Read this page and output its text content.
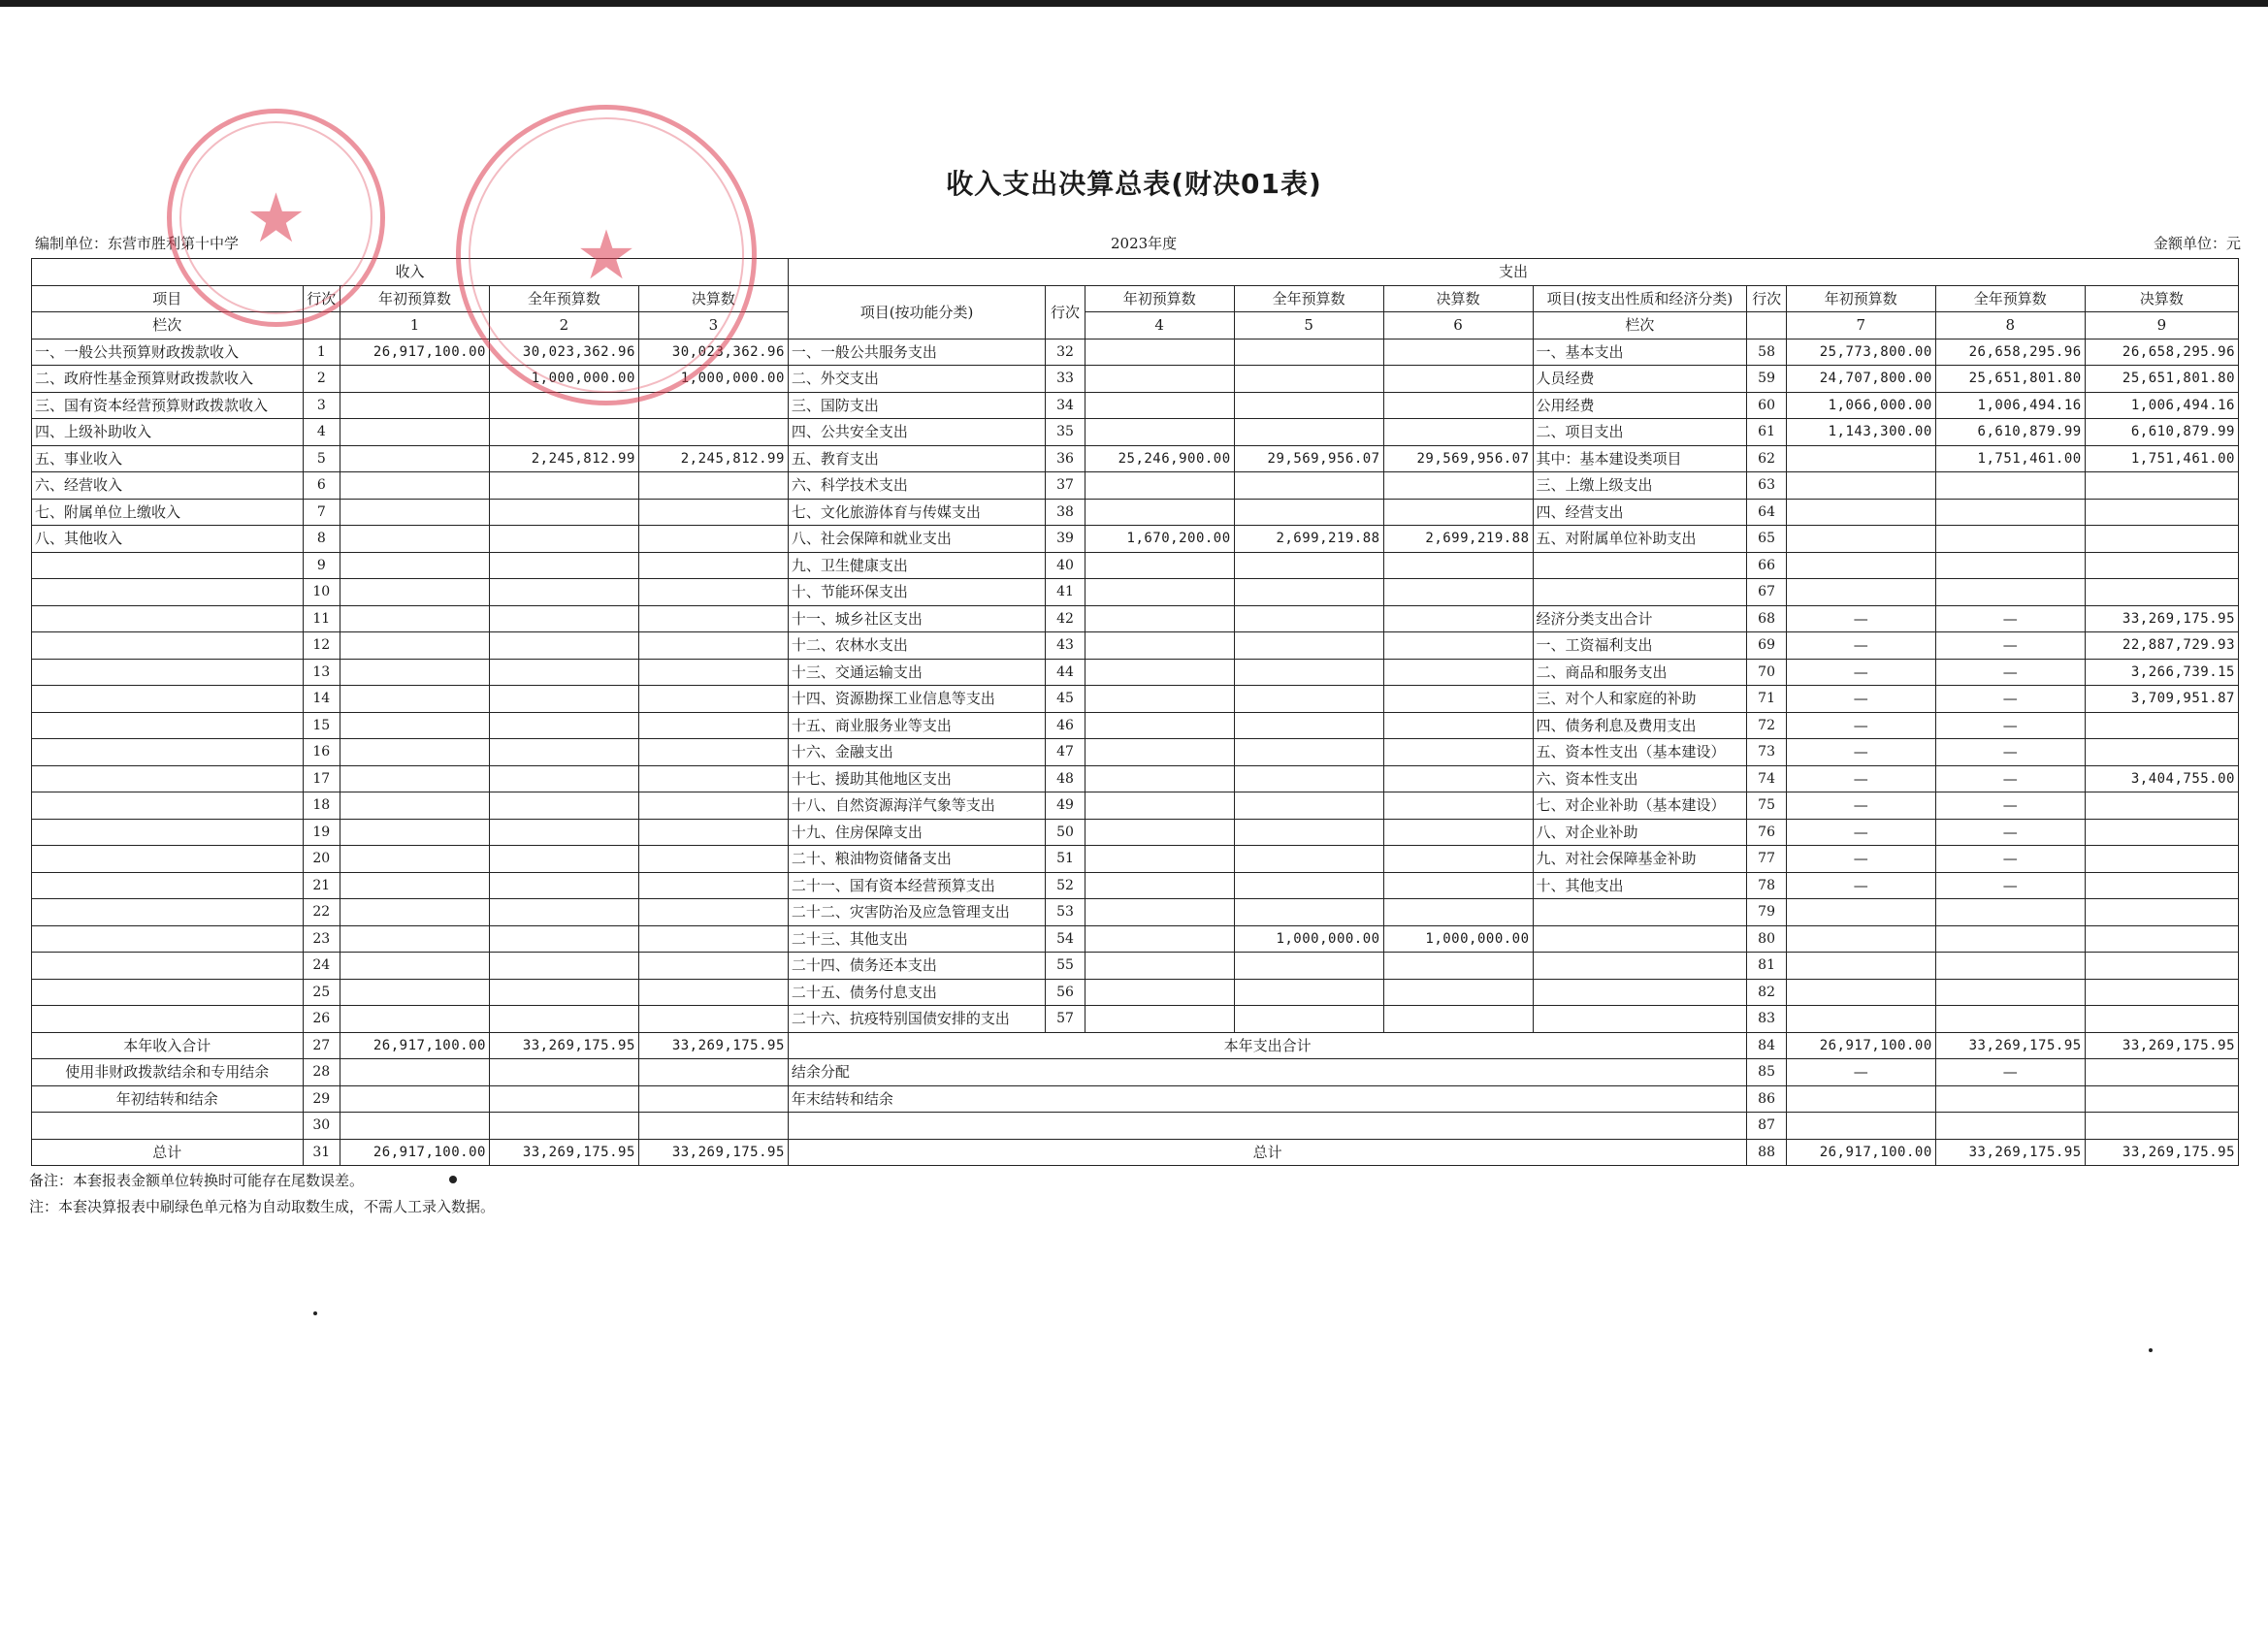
收入支出决算总表(财决01表)
编制单位：东营市胜利第十中学	2023年度	金额单位：元
收入					支出									
项目	行次	年初预算数	全年预算数	决算数	项目(按功能分类)	行次	年初预算数	全年预算数	决算数	项目(按支出性质和经济分类)	行次	年初预算数	全年预算数	决算数
栏次		1	2	3			4	5	6	栏次		7	8	9
一、一般公共预算财政拨款收入	1	26,917,100.00	30,023,362.96	30,023,362.96	一、一般公共服务支出	32				一、基本支出	58	25,773,800.00	26,658,295.96	26,658,295.96
二、政府性基金预算财政拨款收入	2		1,000,000.00	1,000,000.00	二、外交支出	33				人员经费	59	24,707,800.00	25,651,801.80	25,651,801.80
三、国有资本经营预算财政拨款收入	3				三、国防支出	34				公用经费	60	1,066,000.00	1,006,494.16	1,006,494.16
四、上级补助收入	4				四、公共安全支出	35				二、项目支出	61	1,143,300.00	6,610,879.99	6,610,879.99
五、事业收入	5		2,245,812.99	2,245,812.99	五、教育支出	36	25,246,900.00	29,569,956.07	29,569,956.07	其中：基本建设类项目	62		1,751,461.00	1,751,461.00
六、经营收入	6				六、科学技术支出	37				三、上缴上级支出	63			
七、附属单位上缴收入	7				七、文化旅游体育与传媒支出	38				四、经营支出	64			
八、其他收入	8				八、社会保障和就业支出	39	1,670,200.00	2,699,219.88	2,699,219.88	五、对附属单位补助支出	65			
	9				九、卫生健康支出	40					66			
	10				十、节能环保支出	41					67			
	11				十一、城乡社区支出	42				经济分类支出合计	68	—	—	33,269,175.95
	12				十二、农林水支出	43				一、工资福利支出	69	—	—	22,887,729.93
	13				十三、交通运输支出	44				二、商品和服务支出	70	—	—	3,266,739.15
	14				十四、资源勘探工业信息等支出	45				三、对个人和家庭的补助	71	—	—	3,709,951.87
	15				十五、商业服务业等支出	46				四、债务利息及费用支出	72	—	—	
	16				十六、金融支出	47				五、资本性支出（基本建设）	73	—	—	
	17				十七、援助其他地区支出	48				六、资本性支出	74	—	—	3,404,755.00
	18				十八、自然资源海洋气象等支出	49				七、对企业补助（基本建设）	75	—	—	
	19				十九、住房保障支出	50				八、对企业补助	76	—	—	
	20				二十、粮油物资储备支出	51				九、对社会保障基金补助	77	—	—	
	21				二十一、国有资本经营预算支出	52				十、其他支出	78	—	—	
	22				二十二、灾害防治及应急管理支出	53					79			
	23				二十三、其他支出	54		1,000,000.00	1,000,000.00		80			
	24				二十四、债务还本支出	55					81			
	25				二十五、债务付息支出	56					82			
	26				二十六、抗疫特别国债安排的支出	57					83			
本年收入合计	27	26,917,100.00	33,269,175.95	33,269,175.95	本年支出合计						84	26,917,100.00	33,269,175.95	33,269,175.95
使用非财政拨款结余和专用结余	28				结余分配						85	—	—	
年初结转和结余	29				年末结转和结余						86			
	30										87			
总计	31	26,917,100.00	33,269,175.95	33,269,175.95	总计						88	26,917,100.00	33,269,175.95	33,269,175.95
备注：本套报表金额单位转换时可能存在尾数误差。
注：本套决算报表中刷绿色单元格为自动取数生成，不需人工录入数据。
★	★
